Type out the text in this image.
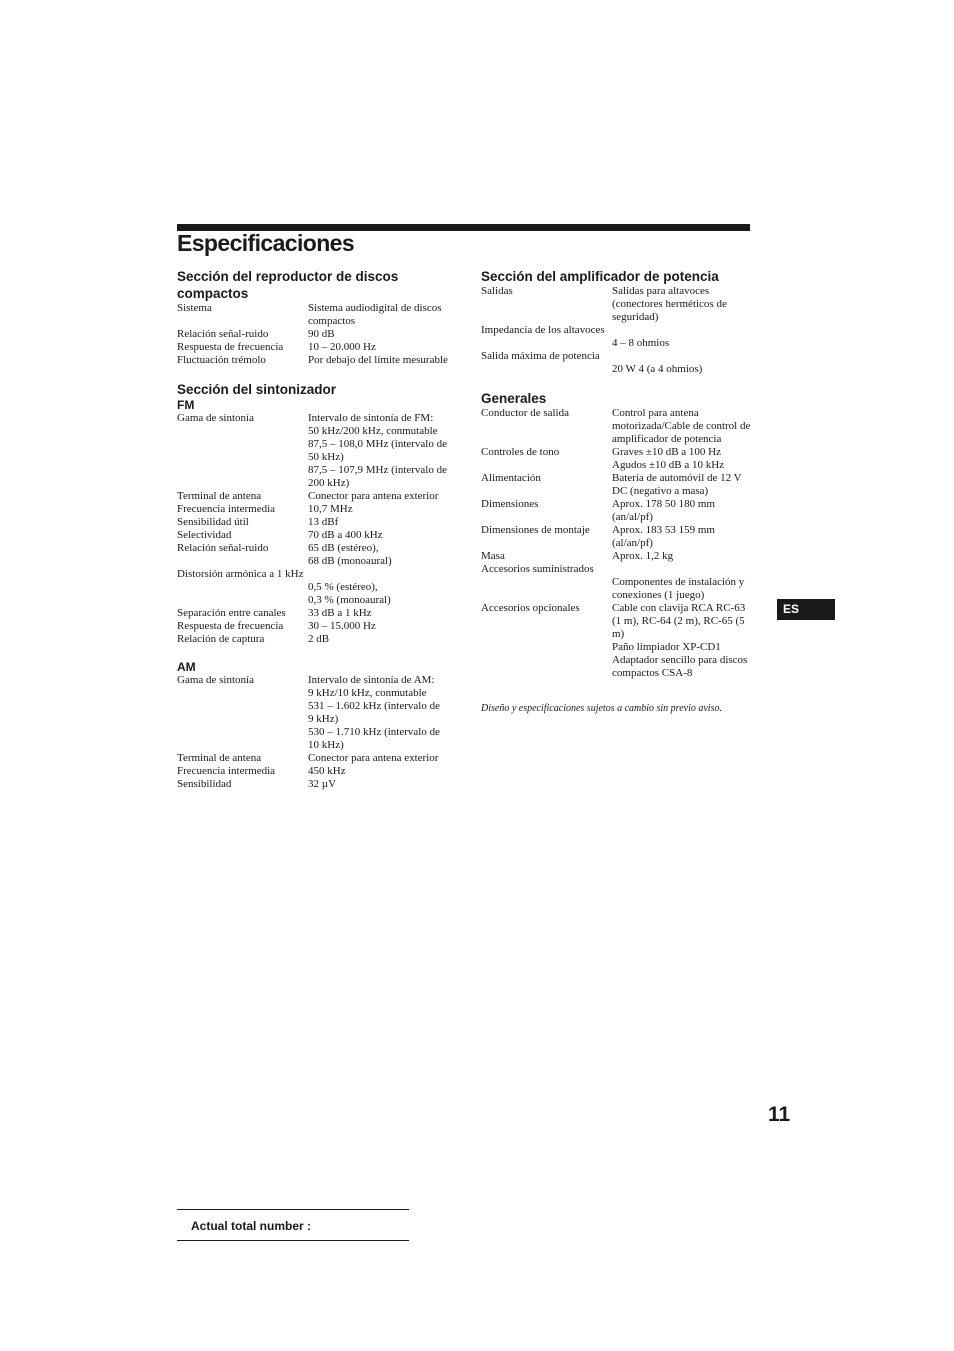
Especificaciones

Sección del reproductor de discos compactos

Sistema	Sistema audiodigital de discos compactos
Relación señal-ruido	90 dB
Respuesta de frecuencia	10 – 20.000 Hz
Fluctuación trémolo	Por debajo del límite mesurable

Sección del sintonizador

FM

Gama de sintonía	Intervalo de sintonía de FM:
50 kHz/200 kHz, conmutable
87,5 – 108,0 MHz (intervalo de 50 kHz)
87,5 – 107,9 MHz (intervalo de 200 kHz)
Terminal de antena	Conector para antena exterior
Frecuencia intermedia	10,7 MHz
Sensibilidad útil	13 dBf
Selectividad	70 dB a 400 kHz
Relación señal-ruido	65 dB (estéreo),
68 dB (monoaural)
Distorsión armónica a 1 kHz
0,5 % (estéreo),
0,3 % (monoaural)
Separación entre canales	33 dB a 1 kHz
Respuesta de frecuencia	30 – 15.000 Hz
Relación de captura	2 dB

AM

Gama de sintonía	Intervalo de sintonía de AM:
9 kHz/10 kHz, conmutable
531 – 1.602 kHz (intervalo de 9 kHz)
530 – 1.710 kHz (intervalo de 10 kHz)
Terminal de antena	Conector para antena exterior
Frecuencia intermedia	450 kHz
Sensibilidad	32 µV

Sección del amplificador de potencia

Salidas	Salidas para altavoces (conectores herméticos de seguridad)
Impedancia de los altavoces
4 – 8 ohmios
Salida máxima de potencia
20 W 4 (a 4 ohmios)

Generales

Conductor de salida	Control para antena motorizada/Cable de control de amplificador de potencia
Controles de tono	Graves ±10 dB a 100 Hz
Agudos ±10 dB a 10 kHz
Alimentación	Batería de automóvil de 12 V DC (negativo a masa)
Dimensiones	Aprox. 178 50 180 mm (an/al/pf)
Dimensiones de montaje	Aprox. 183 53 159 mm (al/an/pf)
Masa	Aprox. 1,2 kg
Accesorios suministrados
Componentes de instalación y conexiones (1 juego)
Accesorios opcionales	Cable con clavija RCA RC-63 (1 m), RC-64 (2 m), RC-65 (5 m)
Paño limpiador XP-CD1
Adaptador sencillo para discos compactos CSA-8
Diseño y especificaciones sujetos a cambio sin previo aviso.
ES
11
Actual total number :
